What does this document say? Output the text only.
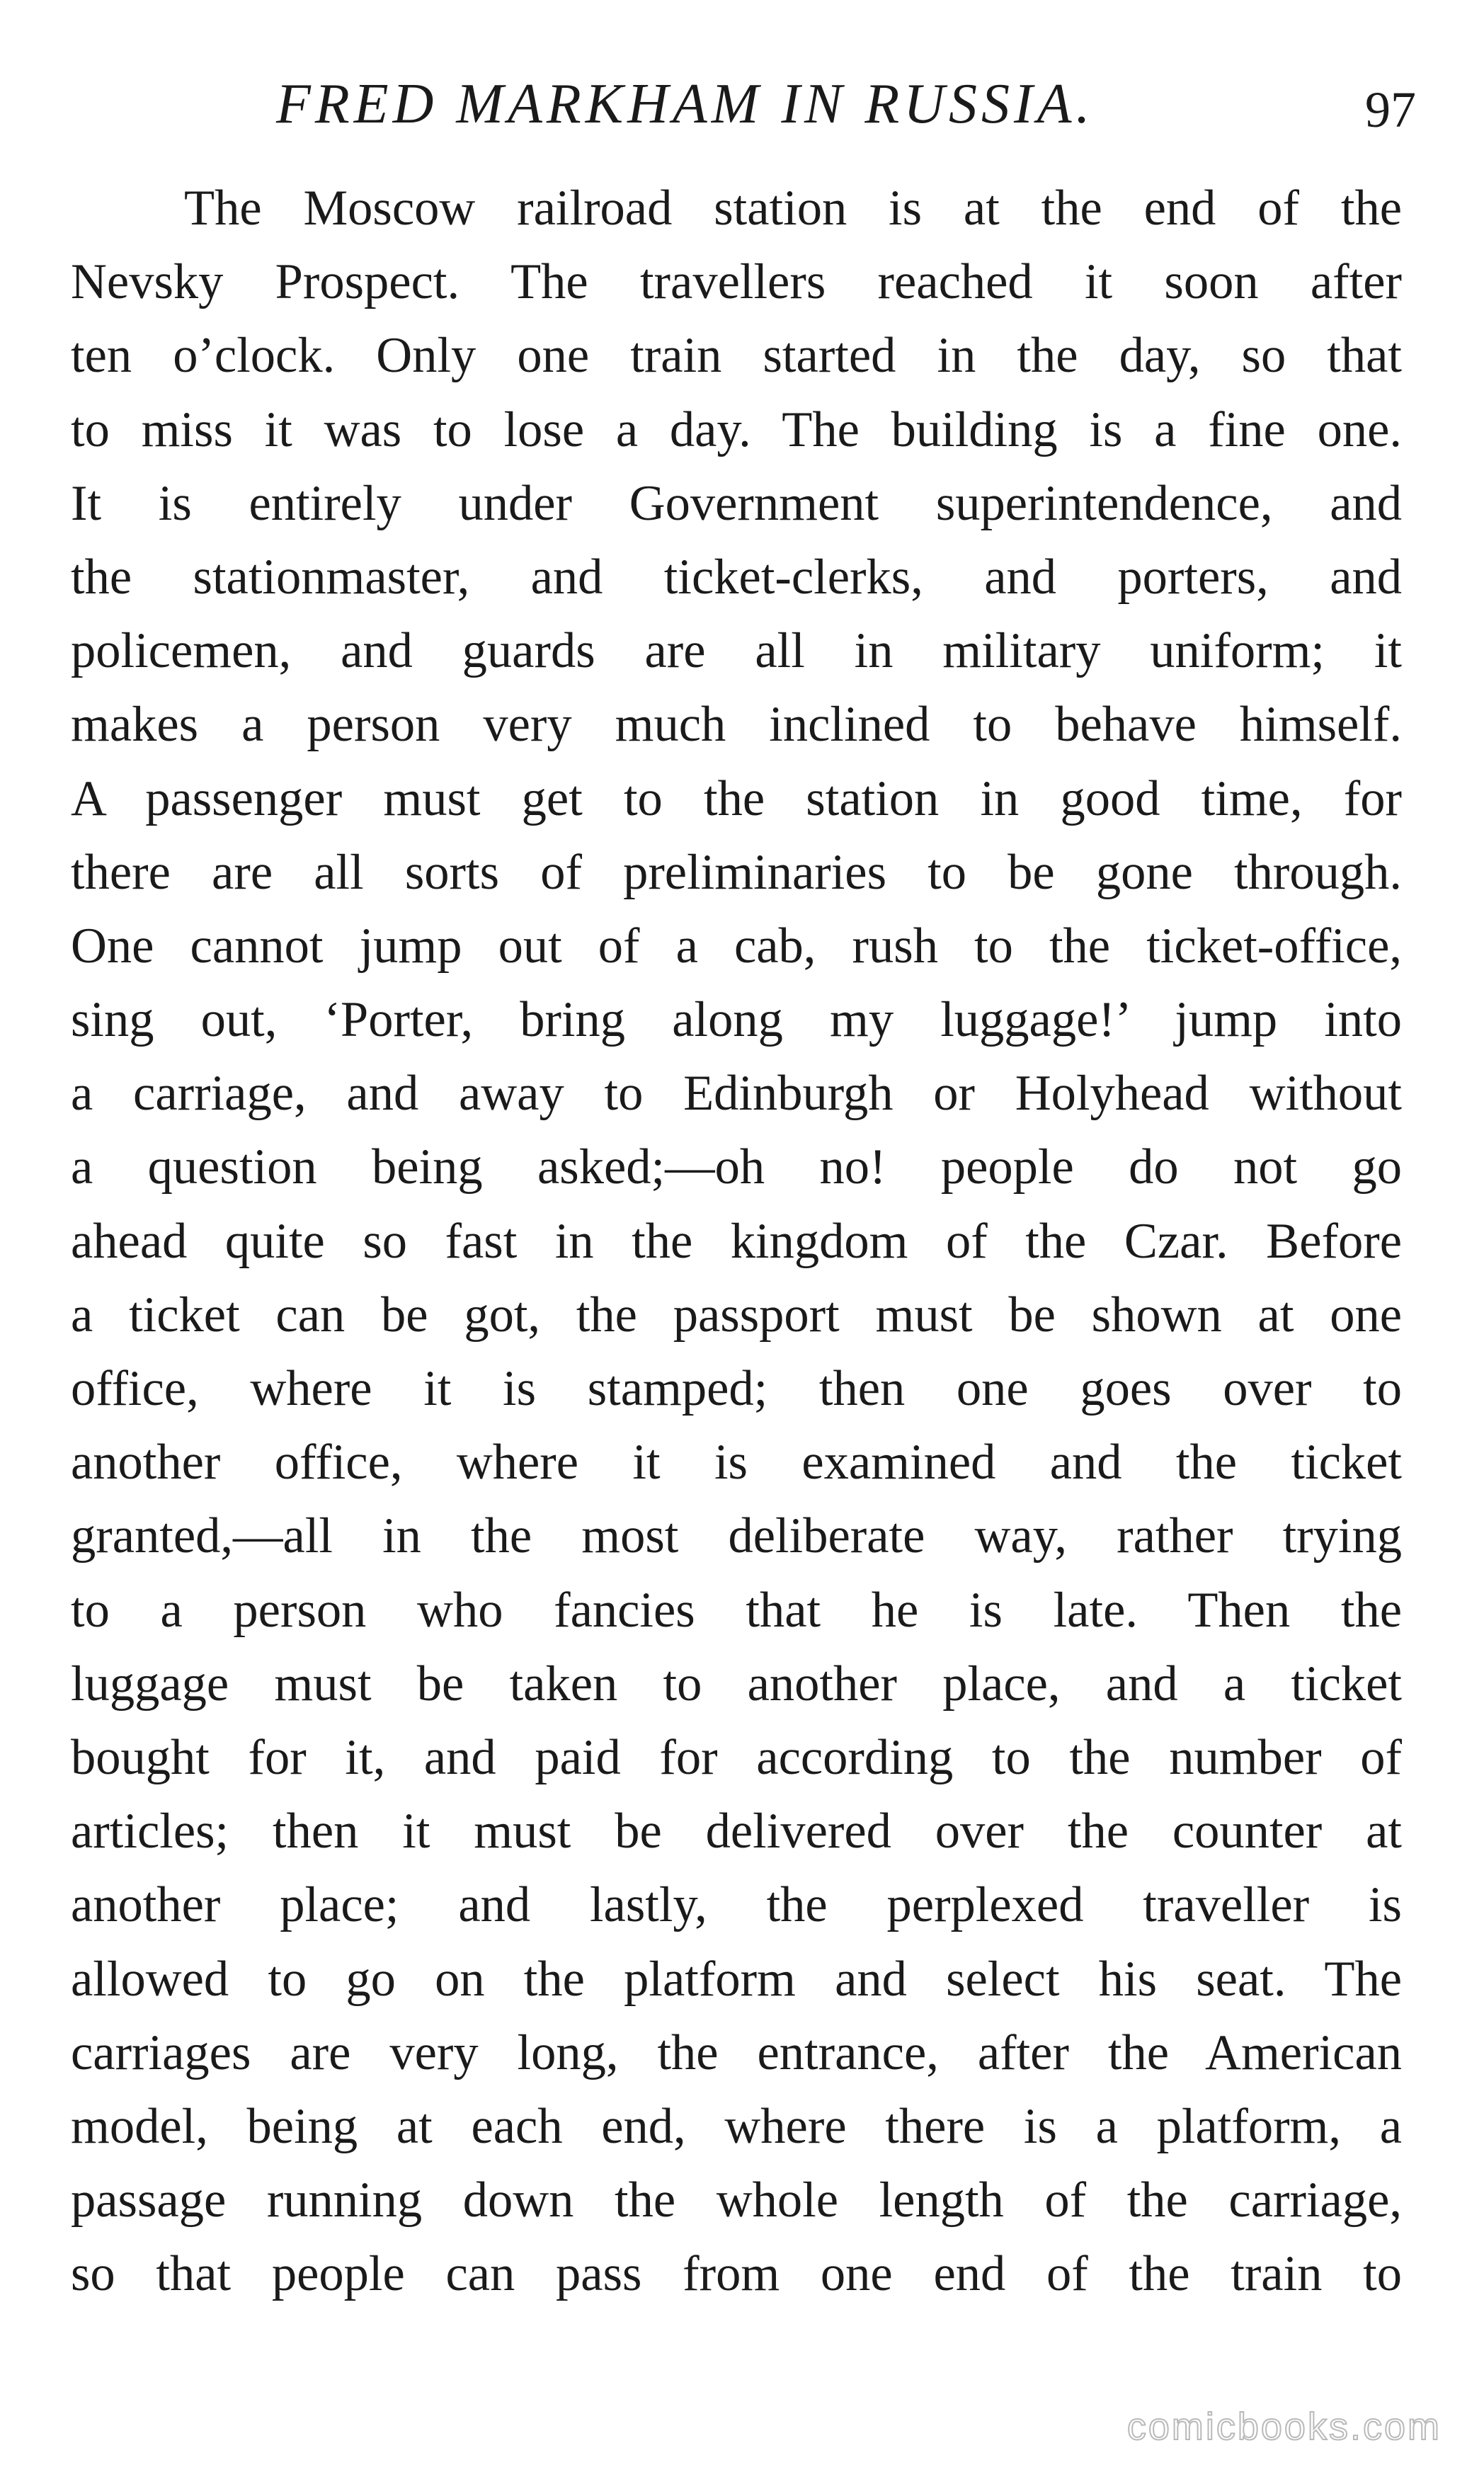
FRED MARKHAM IN RUSSIA.	97
The Moscow railroad station is at the end of the
Nevsky Prospect. The travellers reached it soon after
ten o’clock. Only one train started in the day, so that
to miss it was to lose a day. The building is a fine one.
It is entirely under Government superintendence, and
the stationmaster, and ticket-clerks, and porters, and
policemen, and guards are all in military uniform; it
makes a person very much inclined to behave himself.
A passenger must get to the station in good time, for
there are all sorts of preliminaries to be gone through.
One cannot jump out of a cab, rush to the ticket-office,
sing out, ‘Porter, bring along my luggage!’ jump into
a carriage, and away to Edinburgh or Holyhead without
a question being asked;—oh no! people do not go
ahead quite so fast in the kingdom of the Czar. Before
a ticket can be got, the passport must be shown at one
office, where it is stamped; then one goes over to
another office, where it is examined and the ticket
granted,—all in the most deliberate way, rather trying
to a person who fancies that he is late. Then the
luggage must be taken to another place, and a ticket
bought for it, and paid for according to the number of
articles; then it must be delivered over the counter at
another place; and lastly, the perplexed traveller is
allowed to go on the platform and select his seat. The
carriages are very long, the entrance, after the American
model, being at each end, where there is a platform, a
passage running down the whole length of the carriage,
so that people can pass from one end of the train to
comicbooks.com
